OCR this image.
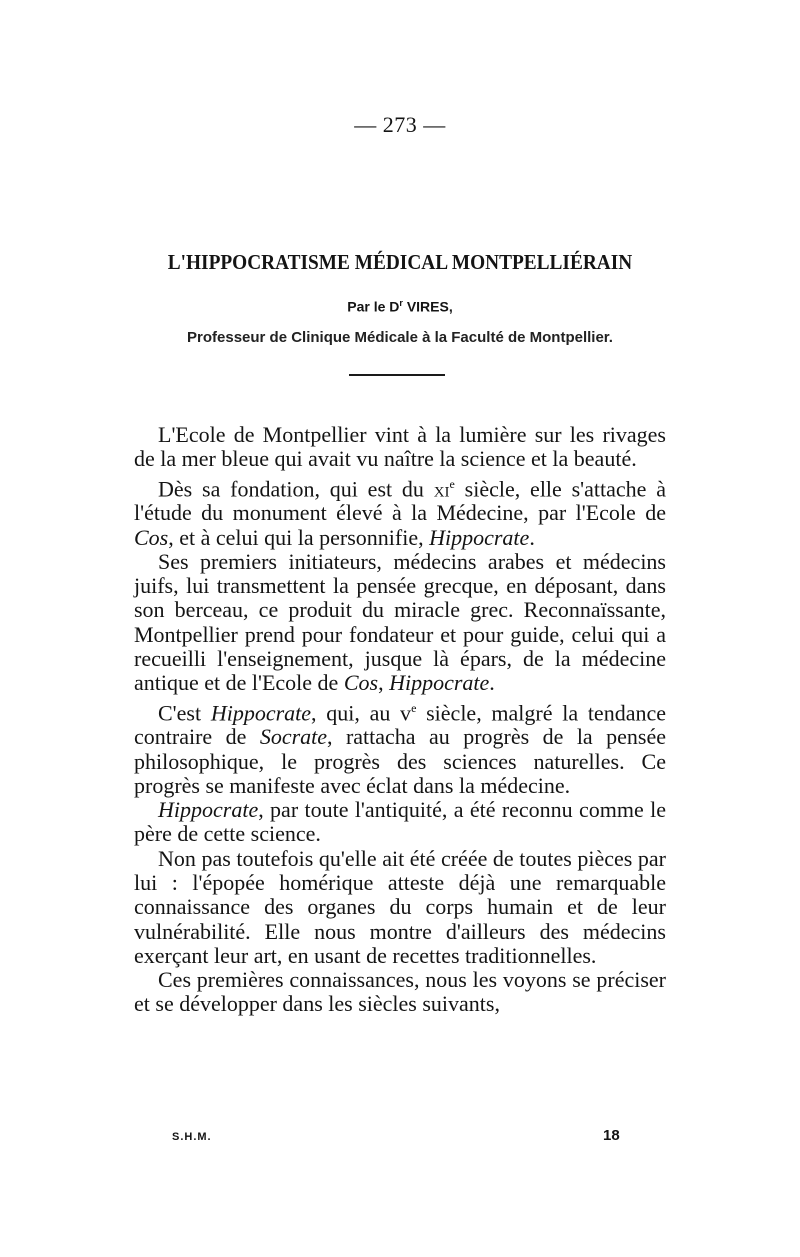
— 273 —
L'HIPPOCRATISME MÉDICAL MONTPELLIÉRAIN
Par le $D^r$ VIRES,
Professeur de Clinique Médicale à la Faculté de Montpellier.

L'Ecole de Montpellier vint à la lumière sur les rivages de la mer bleue qui avait vu naître la science et la beauté.

Dès sa fondation, qui est du $xi^e$ siècle, elle s'attache à l'étude du monument élevé à la Médecine, par l'Ecole de Cos, et à celui qui la personnifie, Hippocrate.

Ses premiers initiateurs, médecins arabes et médecins juifs, lui transmettent la pensée grecque, en déposant, dans son berceau, ce produit du miracle grec. Reconnaïssante, Montpellier prend pour fondateur et pour guide, celui qui a recueilli l'enseignement, jusque là épars, de la médecine antique et de l'Ecole de Cos, Hippocrate.

C'est Hippocrate, qui, au $v^e$ siècle, malgré la tendance contraire de Socrate, rattacha au progrès de la pensée philosophique, le progrès des sciences naturelles. Ce progrès se manifeste avec éclat dans la médecine.

Hippocrate, par toute l'antiquité, a été reconnu comme le père de cette science.

Non pas toutefois qu'elle ait été créée de toutes pièces par lui : l'épopée homérique atteste déjà une remarquable connaissance des organes du corps humain et de leur vulnérabilité. Elle nous montre d'ailleurs des médecins exerçant leur art, en usant de recettes traditionnelles.

Ces premières connaissances, nous les voyons se préciser et se développer dans les siècles suivants,

S.H.M.	18
